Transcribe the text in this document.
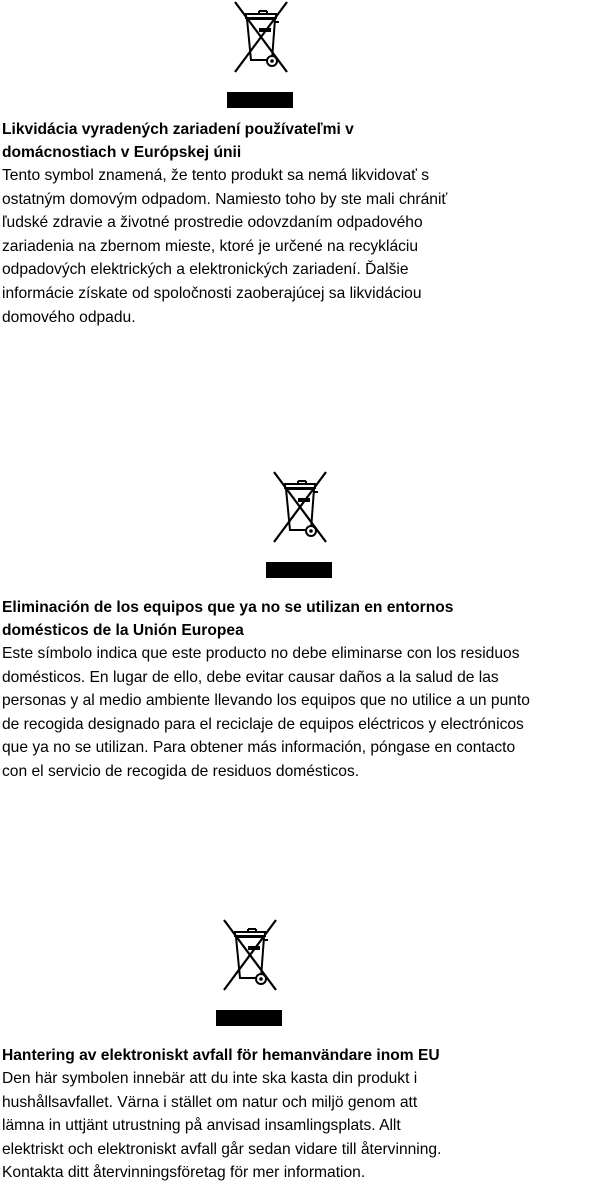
Likvidácia vyradených zariadení používateľmi v
domácnostiach v Európskej únii

Tento symbol znamená, že tento produkt sa nemá likvidovať s
ostatným domovým odpadom. Namiesto toho by ste mali chrániť
ľudské zdravie a životné prostredie odovzdaním odpadového
zariadenia na zbernom mieste, ktoré je určené na recykláciu
odpadových elektrických a elektronických zariadení. Ďalšie
informácie získate od spoločnosti zaoberajúcej sa likvidáciou
domového odpadu.

Eliminación de los equipos que ya no se utilizan en entornos
domésticos de la Unión Europea

Este símbolo indica que este producto no debe eliminarse con los residuos
domésticos. En lugar de ello, debe evitar causar daños a la salud de las
personas y al medio ambiente llevando los equipos que no utilice a un punto
de recogida designado para el reciclaje de equipos eléctricos y electrónicos
que ya no se utilizan. Para obtener más información, póngase en contacto
con el servicio de recogida de residuos domésticos.

Hantering av elektroniskt avfall för hemanvändare inom EU

Den här symbolen innebär att du inte ska kasta din produkt i
hushållsavfallet. Värna i stället om natur och miljö genom att
lämna in uttjänt utrustning på anvisad insamlingsplats. Allt
elektriskt och elektroniskt avfall går sedan vidare till återvinning.
Kontakta ditt återvinningsföretag för mer information.
